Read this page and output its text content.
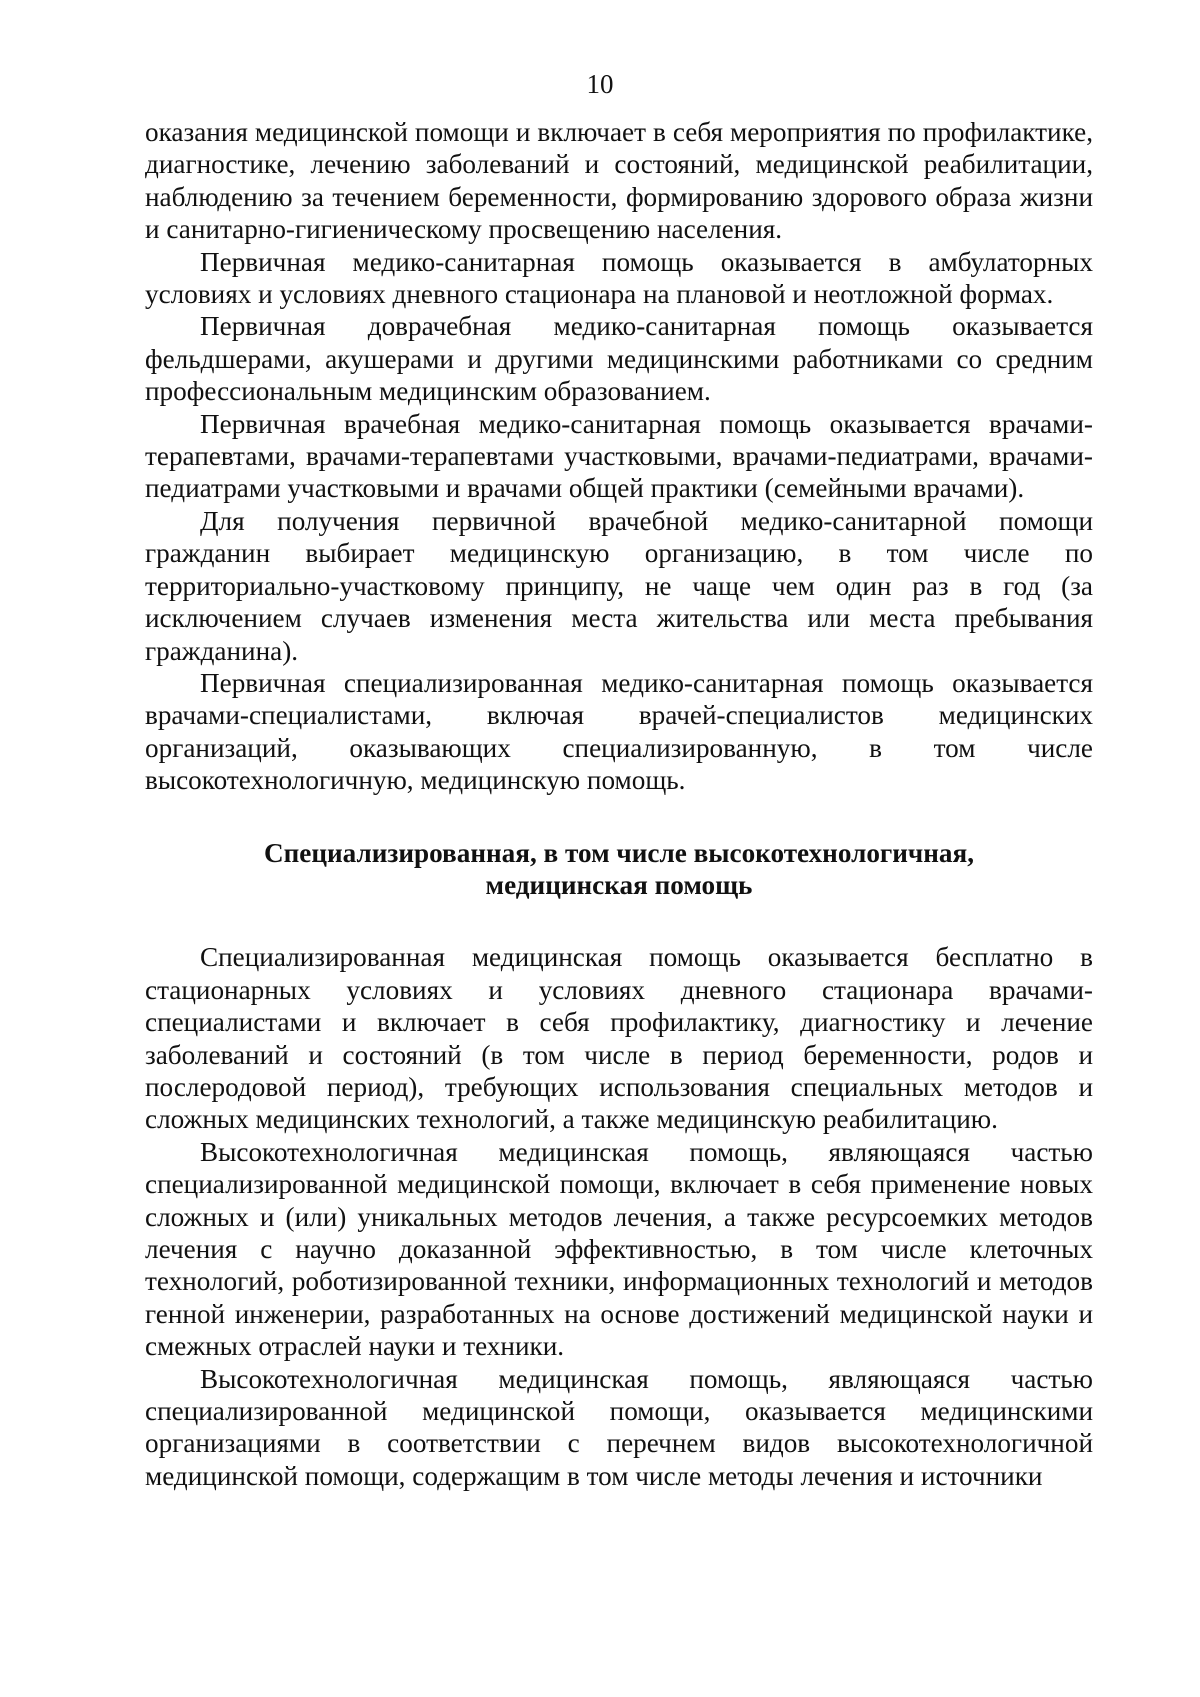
10

оказания медицинской помощи и включает в себя мероприятия по профилактике, диагностике, лечению заболеваний и состояний, медицинской реабилитации, наблюдению за течением беременности, формированию здорового образа жизни и санитарно-гигиеническому просвещению населения.

Первичная медико-санитарная помощь оказывается в амбулаторных условиях и условиях дневного стационара на плановой и неотложной формах.

Первичная доврачебная медико-санитарная помощь оказывается фельдшерами, акушерами и другими медицинскими работниками со средним профессиональным медицинским образованием.

Первичная врачебная медико-санитарная помощь оказывается врачами-терапевтами, врачами-терапевтами участковыми, врачами-педиатрами, врачами-педиатрами участковыми и врачами общей практики (семейными врачами).

Для получения первичной врачебной медико-санитарной помощи гражданин выбирает медицинскую организацию, в том числе по территориально-участковому принципу, не чаще чем один раз в год (за исключением случаев изменения места жительства или места пребывания гражданина).

Первичная специализированная медико-санитарная помощь оказывается врачами-специалистами, включая врачей-специалистов медицинских организаций, оказывающих специализированную, в том числе высокотехнологичную, медицинскую помощь.

Специализированная, в том числе высокотехнологичная,
медицинская помощь

Специализированная медицинская помощь оказывается бесплатно в стационарных условиях и условиях дневного стационара врачами-специалистами и включает в себя профилактику, диагностику и лечение заболеваний и состояний (в том числе в период беременности, родов и послеродовой период), требующих использования специальных методов и сложных медицинских технологий, а также медицинскую реабилитацию.

Высокотехнологичная медицинская помощь, являющаяся частью специализированной медицинской помощи, включает в себя применение новых сложных и (или) уникальных методов лечения, а также ресурсоемких методов лечения с научно доказанной эффективностью, в том числе клеточных технологий, роботизированной техники, информационных технологий и методов генной инженерии, разработанных на основе достижений медицинской науки и смежных отраслей науки и техники.

Высокотехнологичная медицинская помощь, являющаяся частью специализированной медицинской помощи, оказывается медицинскими организациями в соответствии с перечнем видов высокотехнологичной медицинской помощи, содержащим в том числе методы лечения и источники
